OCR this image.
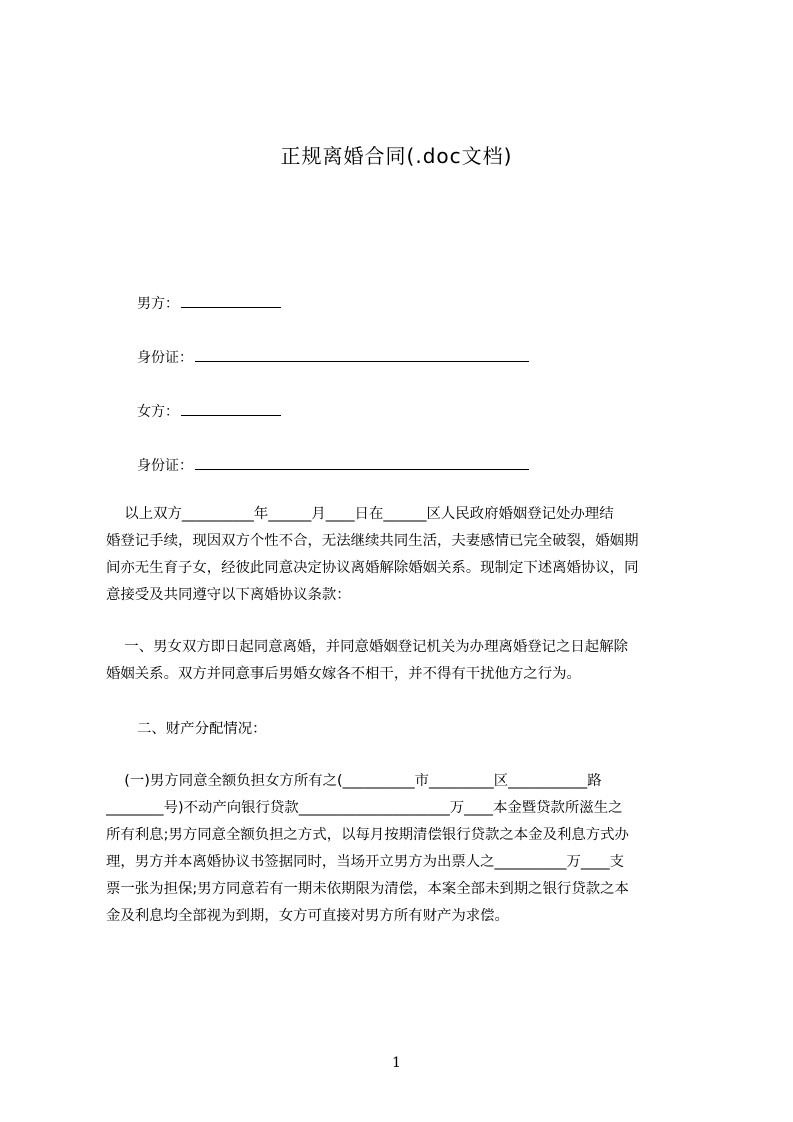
正规离婚合同(.doc文档)
男方：
身份证：
女方：
身份证：
以上双方__________年______月____日在______区人民政府婚姻登记处办理结
婚登记手续，现因双方个性不合，无法继续共同生活，夫妻感情已完全破裂，婚姻期
间亦无生育子女，经彼此同意决定协议离婚解除婚姻关系。现制定下述离婚协议，同
意接受及共同遵守以下离婚协议条款：
一、男女双方即日起同意离婚，并同意婚姻登记机关为办理离婚登记之日起解除
婚姻关系。双方并同意事后男婚女嫁各不相干，并不得有干扰他方之行为。
二、财产分配情况：
(一)男方同意全额负担女方所有之(__________市_________区___________路
________号)不动产向银行贷款_____________________万____本金暨贷款所滋生之
所有利息;男方同意全额负担之方式，以每月按期清偿银行贷款之本金及利息方式办
理，男方并本离婚协议书签据同时，当场开立男方为出票人之__________万____支
票一张为担保;男方同意若有一期未依期限为清偿，本案全部未到期之银行贷款之本
金及利息均全部视为到期，女方可直接对男方所有财产为求偿。
1
